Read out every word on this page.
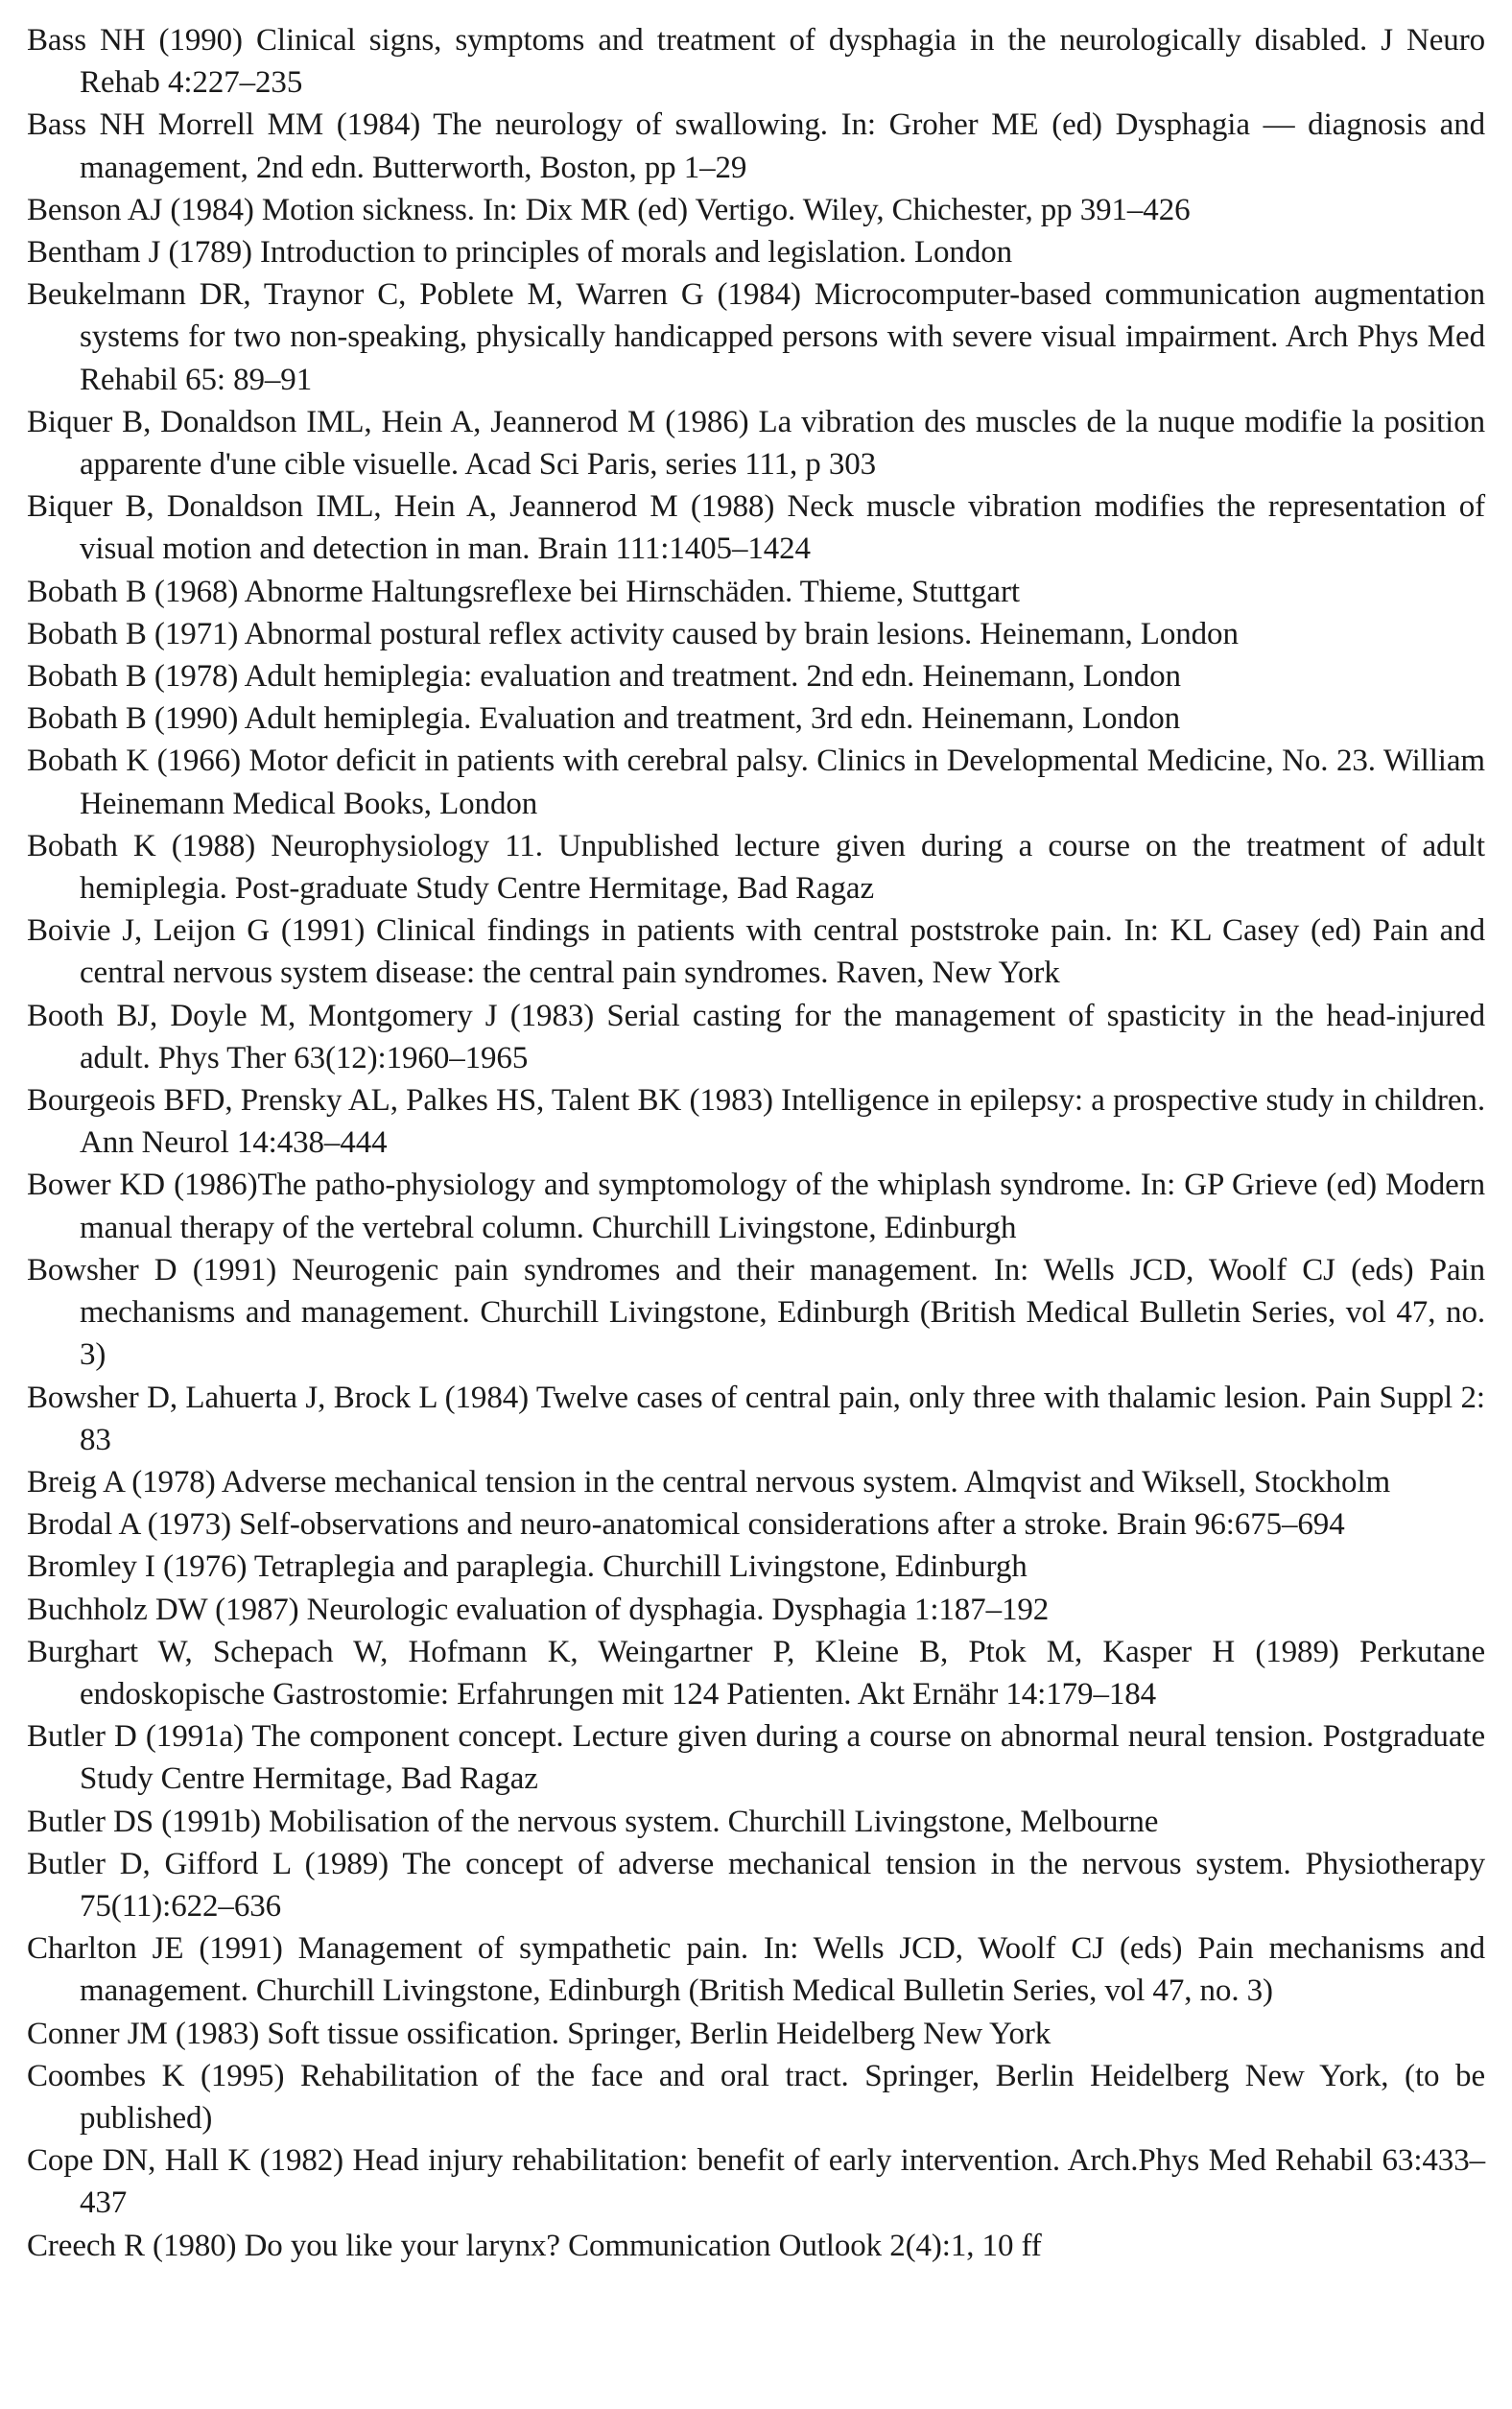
Bass NH (1990) Clinical signs, symptoms and treatment of dysphagia in the neurologically disabled. J Neuro Rehab 4:227–235

Bass NH Morrell MM (1984) The neurology of swallowing. In: Groher ME (ed) Dysphagia — diagnosis and management, 2nd edn. Butterworth, Boston, pp 1–29

Benson AJ (1984) Motion sickness. In: Dix MR (ed) Vertigo. Wiley, Chichester, pp 391–426

Bentham J (1789) Introduction to principles of morals and legislation. London

Beukelmann DR, Traynor C, Poblete M, Warren G (1984) Microcomputer-based communication augmentation systems for two non-speaking, physically handicapped persons with severe visual impairment. Arch Phys Med Rehabil 65: 89–91

Biquer B, Donaldson IML, Hein A, Jeannerod M (1986) La vibration des muscles de la nuque modifie la position apparente d'une cible visuelle. Acad Sci Paris, series 111, p 303

Biquer B, Donaldson IML, Hein A, Jeannerod M (1988) Neck muscle vibration modifies the representation of visual motion and detection in man. Brain 111:1405–1424

Bobath B (1968) Abnorme Haltungsreflexe bei Hirnschäden. Thieme, Stuttgart

Bobath B (1971) Abnormal postural reflex activity caused by brain lesions. Heinemann, London

Bobath B (1978) Adult hemiplegia: evaluation and treatment. 2nd edn. Heinemann, London

Bobath B (1990) Adult hemiplegia. Evaluation and treatment, 3rd edn. Heinemann, London

Bobath K (1966) Motor deficit in patients with cerebral palsy. Clinics in Developmental Medicine, No. 23. William Heinemann Medical Books, London

Bobath K (1988) Neurophysiology 11. Unpublished lecture given during a course on the treatment of adult hemiplegia. Post-graduate Study Centre Hermitage, Bad Ragaz

Boivie J, Leijon G (1991) Clinical findings in patients with central poststroke pain. In: KL Casey (ed) Pain and central nervous system disease: the central pain syndromes. Raven, New York

Booth BJ, Doyle M, Montgomery J (1983) Serial casting for the management of spasticity in the head-injured adult. Phys Ther 63(12):1960–1965

Bourgeois BFD, Prensky AL, Palkes HS, Talent BK (1983) Intelligence in epilepsy: a prospective study in children. Ann Neurol 14:438–444

Bower KD (1986)The patho-physiology and symptomology of the whiplash syndrome. In: GP Grieve (ed) Modern manual therapy of the vertebral column. Churchill Livingstone, Edinburgh

Bowsher D (1991) Neurogenic pain syndromes and their management. In: Wells JCD, Woolf CJ (eds) Pain mechanisms and management. Churchill Livingstone, Edinburgh (British Medical Bulletin Series, vol 47, no. 3)

Bowsher D, Lahuerta J, Brock L (1984) Twelve cases of central pain, only three with thalamic lesion. Pain Suppl 2: 83

Breig A (1978) Adverse mechanical tension in the central nervous system. Almqvist and Wiksell, Stockholm

Brodal A (1973) Self-observations and neuro-anatomical considerations after a stroke. Brain 96:675–694

Bromley I (1976) Tetraplegia and paraplegia. Churchill Livingstone, Edinburgh

Buchholz DW (1987) Neurologic evaluation of dysphagia. Dysphagia 1:187–192

Burghart W, Schepach W, Hofmann K, Weingartner P, Kleine B, Ptok M, Kasper H (1989) Perkutane endoskopische Gastrostomie: Erfahrungen mit 124 Patienten. Akt Ernähr 14:179–184

Butler D (1991a) The component concept. Lecture given during a course on abnormal neural tension. Postgraduate Study Centre Hermitage, Bad Ragaz

Butler DS (1991b) Mobilisation of the nervous system. Churchill Livingstone, Melbourne

Butler D, Gifford L (1989) The concept of adverse mechanical tension in the nervous system. Physiotherapy 75(11):622–636

Charlton JE (1991) Management of sympathetic pain. In: Wells JCD, Woolf CJ (eds) Pain mechanisms and management. Churchill Livingstone, Edinburgh (British Medical Bulletin Series, vol 47, no. 3)

Conner JM (1983) Soft tissue ossification. Springer, Berlin Heidelberg New York

Coombes K (1995) Rehabilitation of the face and oral tract. Springer, Berlin Heidelberg New York, (to be published)

Cope DN, Hall K (1982) Head injury rehabilitation: benefit of early intervention. Arch.Phys Med Rehabil 63:433–437

Creech R (1980) Do you like your larynx? Communication Outlook 2(4):1, 10 ff
